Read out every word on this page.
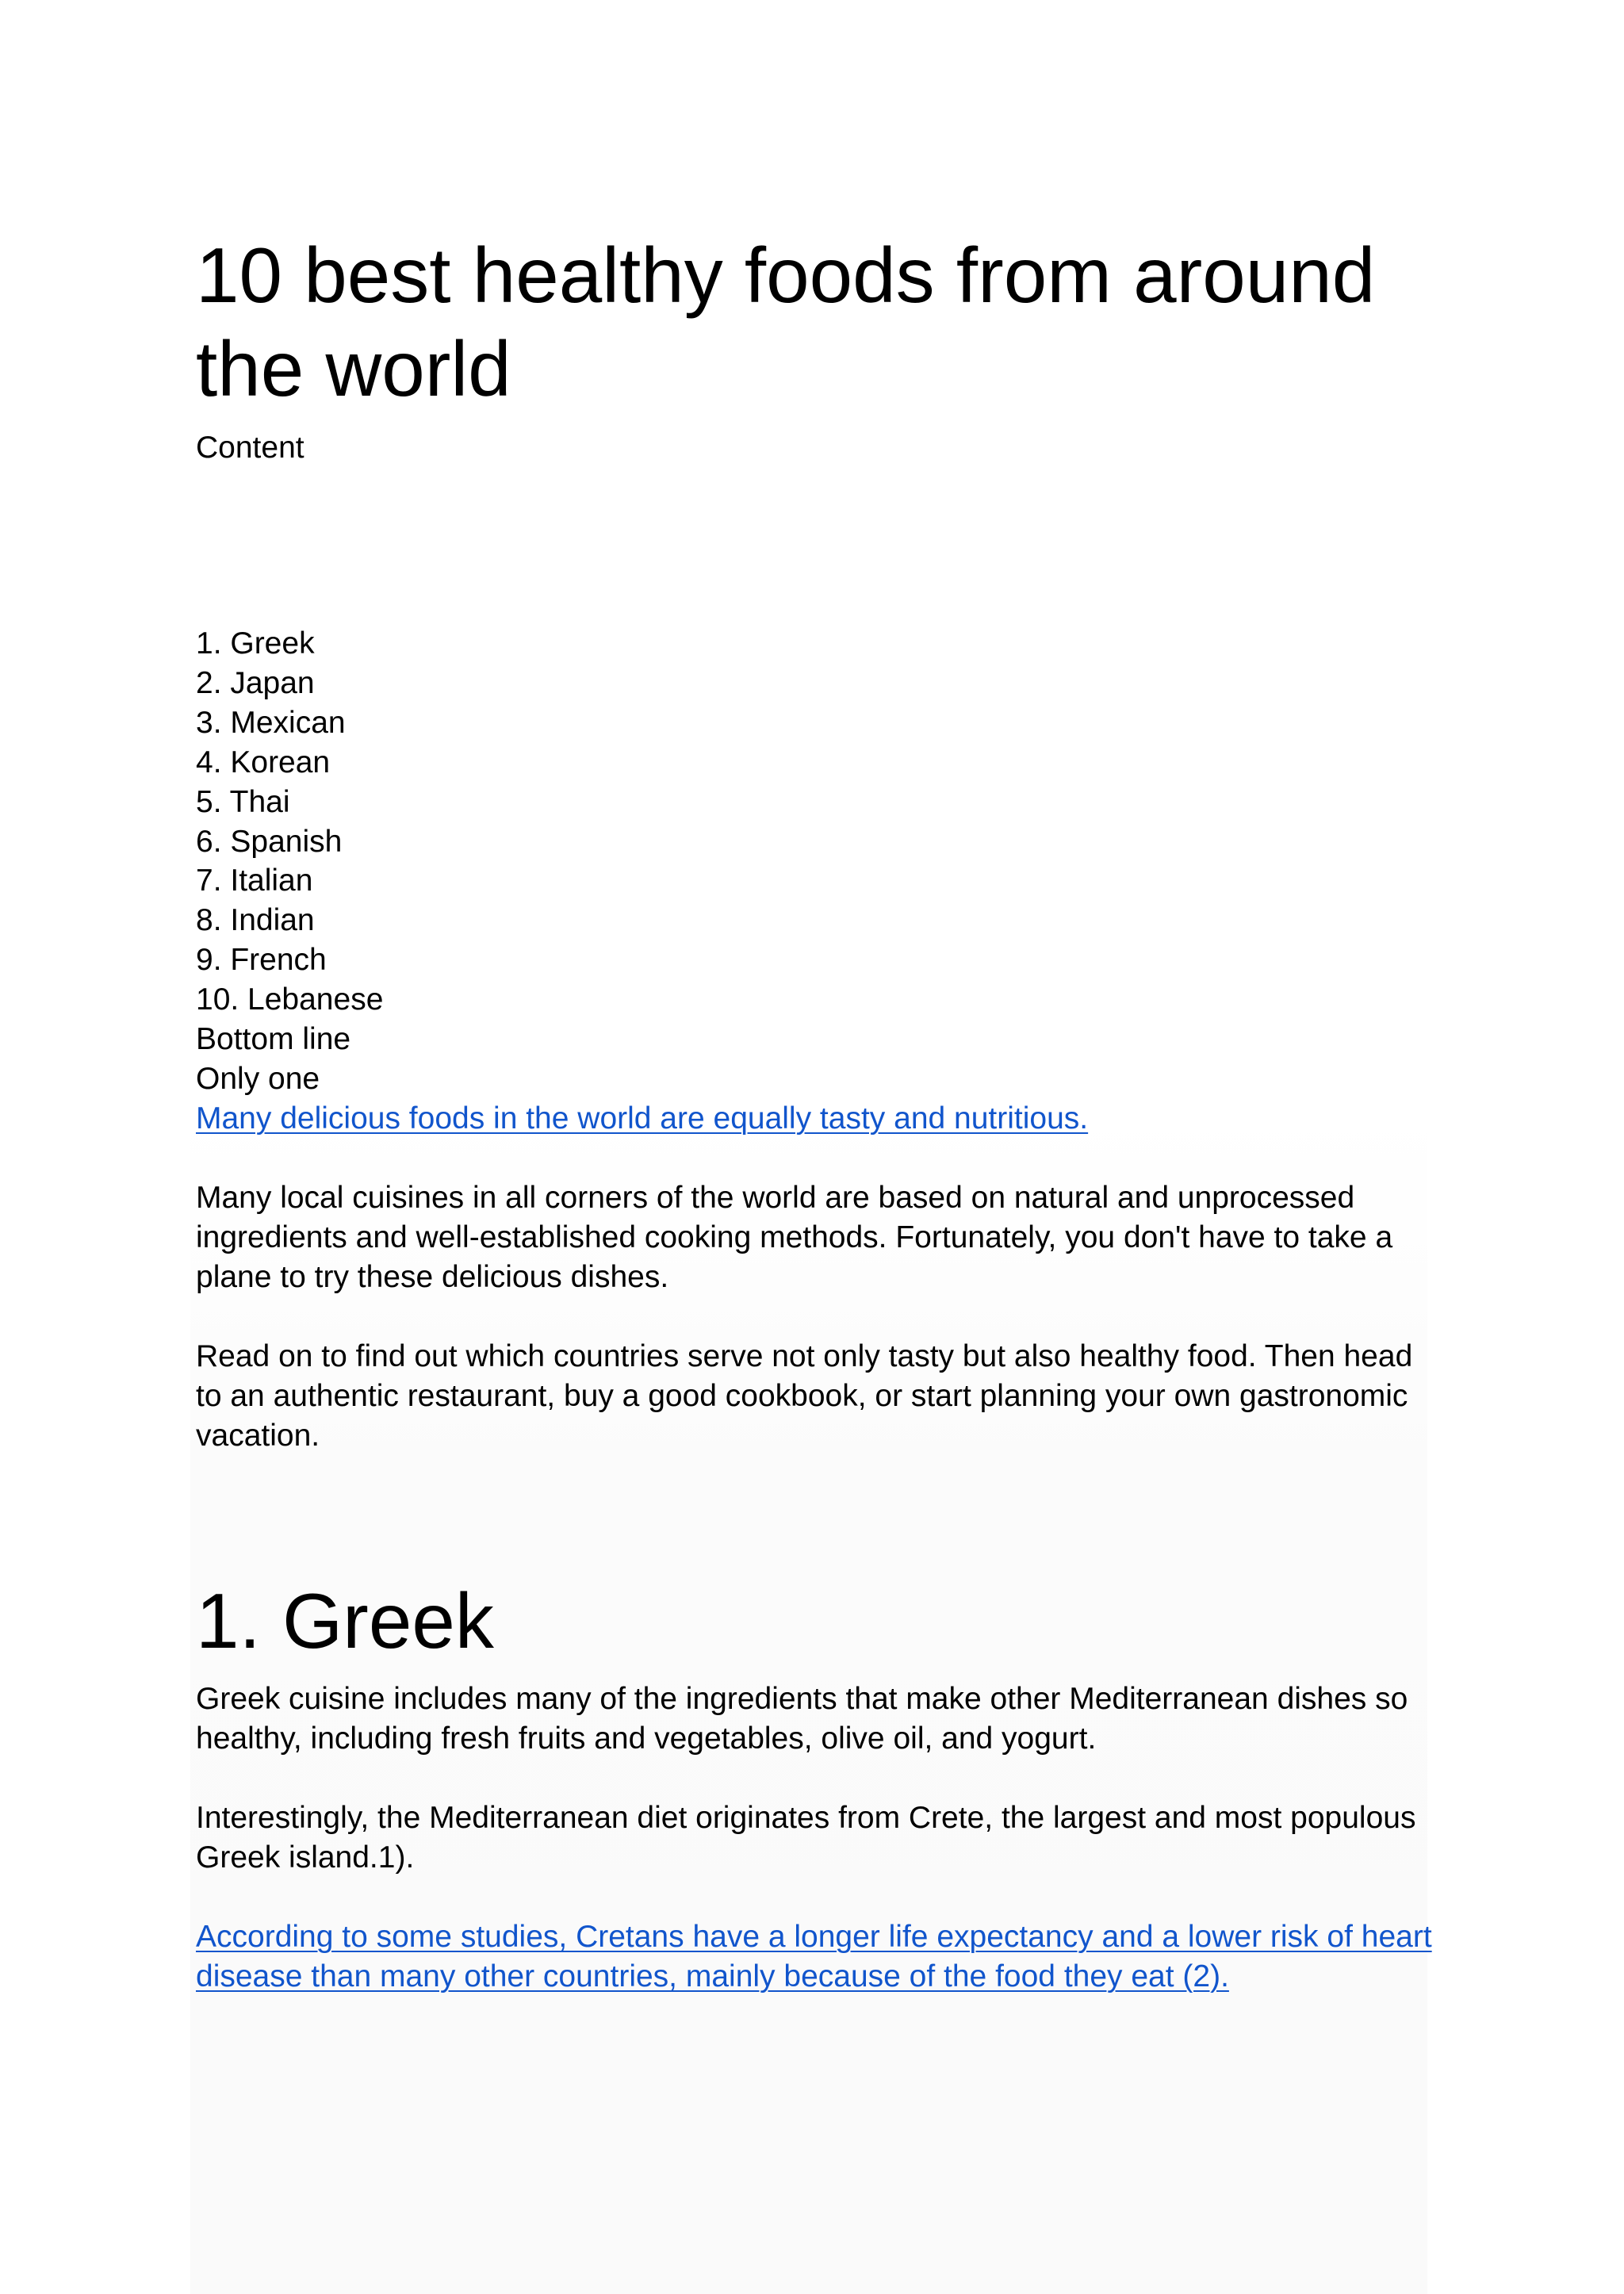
10 best healthy foods from around the world

Content

1. Greek
2. Japan
3. Mexican
4. Korean
5. Thai
6. Spanish
7. Italian
8. Indian
9. French
10. Lebanese
Bottom line
Only one
Many delicious foods in the world are equally tasty and nutritious.

Many local cuisines in all corners of the world are based on natural and unprocessed ingredients and well-established cooking methods. Fortunately, you don't have to take a plane to try these delicious dishes.

Read on to find out which countries serve not only tasty but also healthy food. Then head to an authentic restaurant, buy a good cookbook, or start planning your own gastronomic vacation.

1. Greek

Greek cuisine includes many of the ingredients that make other Mediterranean dishes so healthy, including fresh fruits and vegetables, olive oil, and yogurt.

Interestingly, the Mediterranean diet originates from Crete, the largest and most populous Greek island.1).

According to some studies, Cretans have a longer life expectancy and a lower risk of heart disease than many other countries, mainly because of the food they eat (2).
